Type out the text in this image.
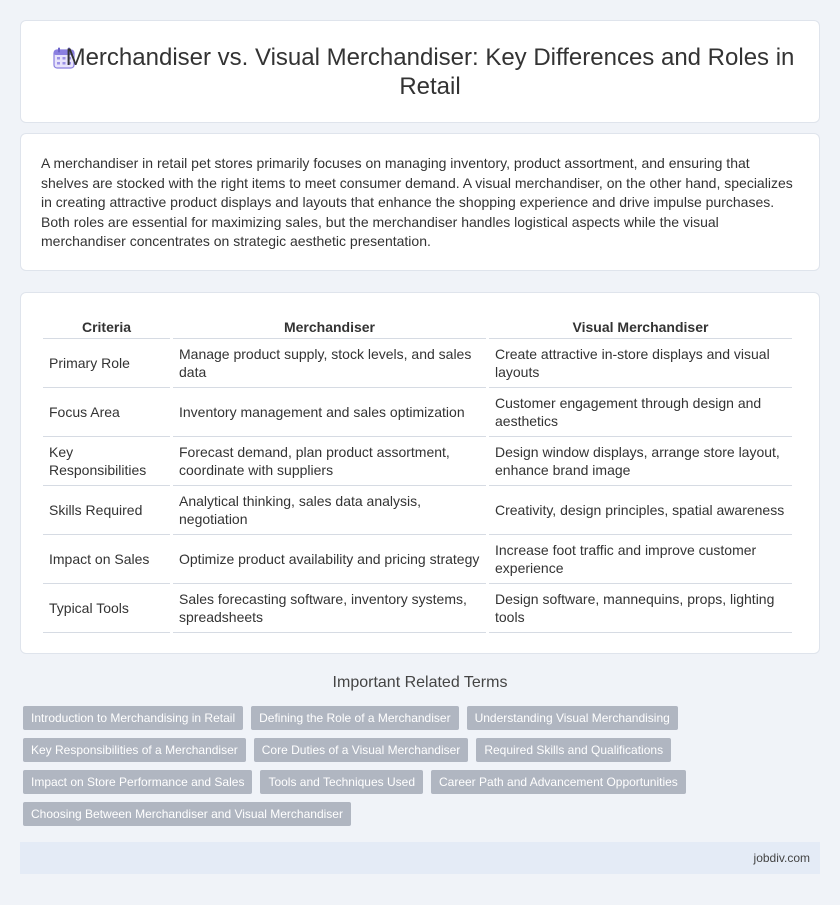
Merchandiser vs. Visual Merchandiser: Key Differences and Roles in Retail

A merchandiser in retail pet stores primarily focuses on managing inventory, product assortment, and ensuring that shelves are stocked with the right items to meet consumer demand. A visual merchandiser, on the other hand, specializes in creating attractive product displays and layouts that enhance the shopping experience and drive impulse purchases. Both roles are essential for maximizing sales, but the merchandiser handles logistical aspects while the visual merchandiser concentrates on strategic aesthetic presentation.

Criteria	Merchandiser	Visual Merchandiser
Primary Role	Manage product supply, stock levels, and sales data	Create attractive in-store displays and visual layouts
Focus Area	Inventory management and sales optimization	Customer engagement through design and aesthetics
Key Responsibilities	Forecast demand, plan product assortment, coordinate with suppliers	Design window displays, arrange store layout, enhance brand image
Skills Required	Analytical thinking, sales data analysis, negotiation	Creativity, design principles, spatial awareness
Impact on Sales	Optimize product availability and pricing strategy	Increase foot traffic and improve customer experience
Typical Tools	Sales forecasting software, inventory systems, spreadsheets	Design software, mannequins, props, lighting tools
Important Related Terms
Introduction to Merchandising in Retail	Defining the Role of a Merchandiser	Understanding Visual Merchandising
Key Responsibilities of a Merchandiser	Core Duties of a Visual Merchandiser	Required Skills and Qualifications
Impact on Store Performance and Sales	Tools and Techniques Used	Career Path and Advancement Opportunities
Choosing Between Merchandiser and Visual Merchandiser
jobdiv.com
